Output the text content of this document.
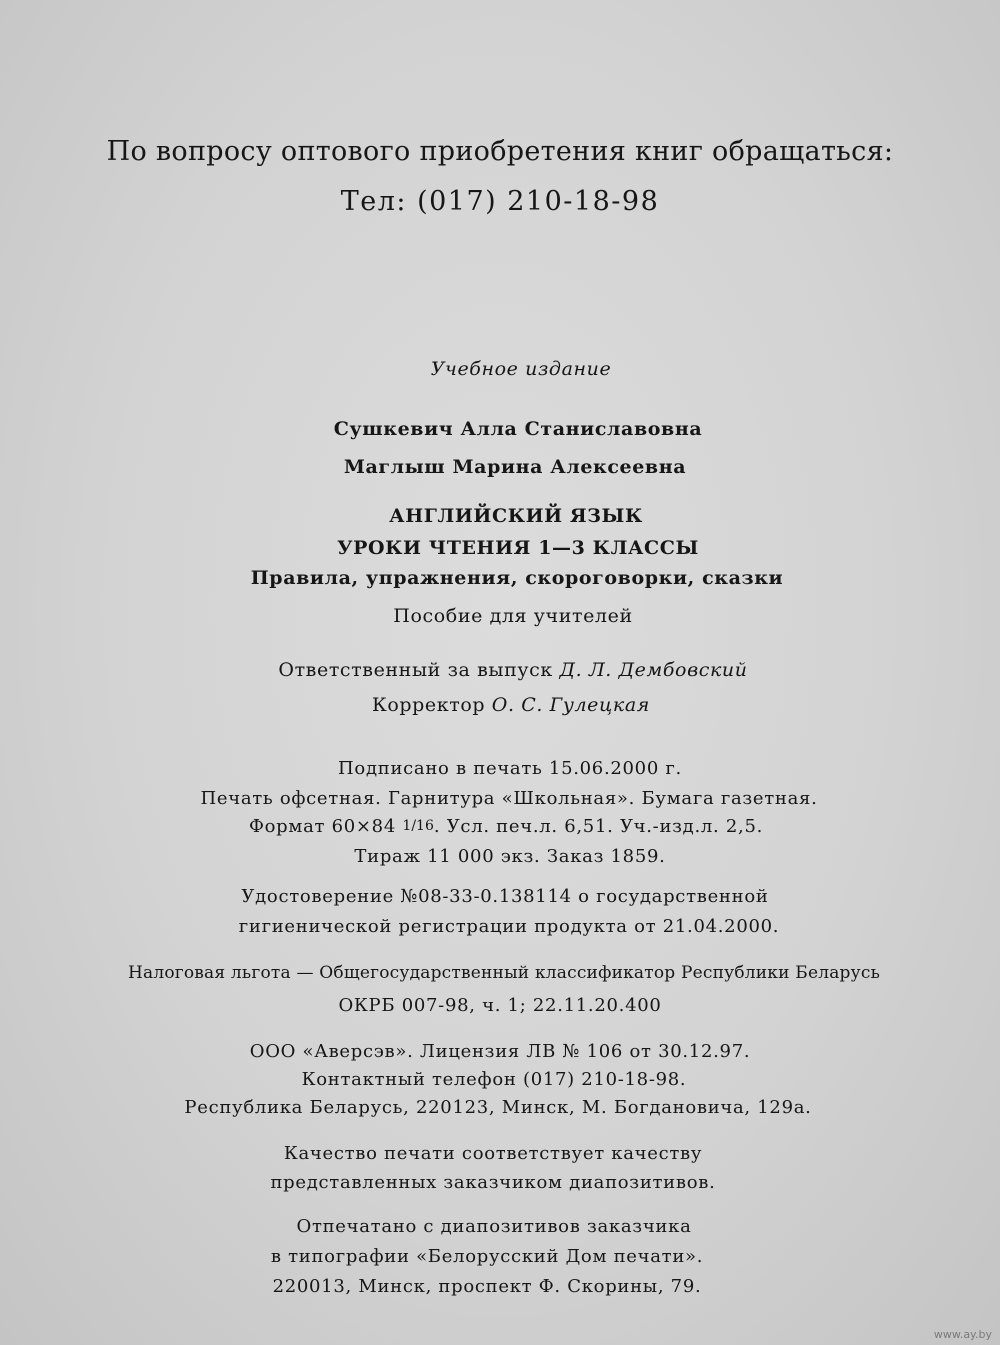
По вопросу оптового приобретения книг обращаться:
Тел: (017) 210-18-98
Учебное издание
Сушкевич Алла Станиславовна
Маглыш Марина Алексеевна
АНГЛИЙСКИЙ ЯЗЫК
УРОКИ ЧТЕНИЯ 1—3 КЛАССЫ
Правила, упражнения, скороговорки, сказки
Пособие для учителей
Ответственный за выпуск Д. Л. Дембовский
Корректор О. С. Гулецкая
Подписано в печать 15.06.2000 г.
Печать офсетная. Гарнитура «Школьная». Бумага газетная.
Формат 60×84 1/16. Усл. печ.л. 6,51. Уч.-изд.л. 2,5.
Тираж 11 000 экз. Заказ 1859.
Удостоверение №08-33-0.138114 о государственной
гигиенической регистрации продукта от 21.04.2000.
Налоговая льгота — Общегосударственный классификатор Республики Беларусь
ОКРБ 007-98, ч. 1; 22.11.20.400
ООО «Аверсэв». Лицензия ЛВ № 106 от 30.12.97.
Контактный телефон (017) 210-18-98.
Республика Беларусь, 220123, Минск, М. Богдановича, 129а.
Качество печати соответствует качеству
представленных заказчиком диапозитивов.
Отпечатано с диапозитивов заказчика
в типографии «Белорусский Дом печати».
220013, Минск, проспект Ф. Скорины, 79.
www.ay.by
